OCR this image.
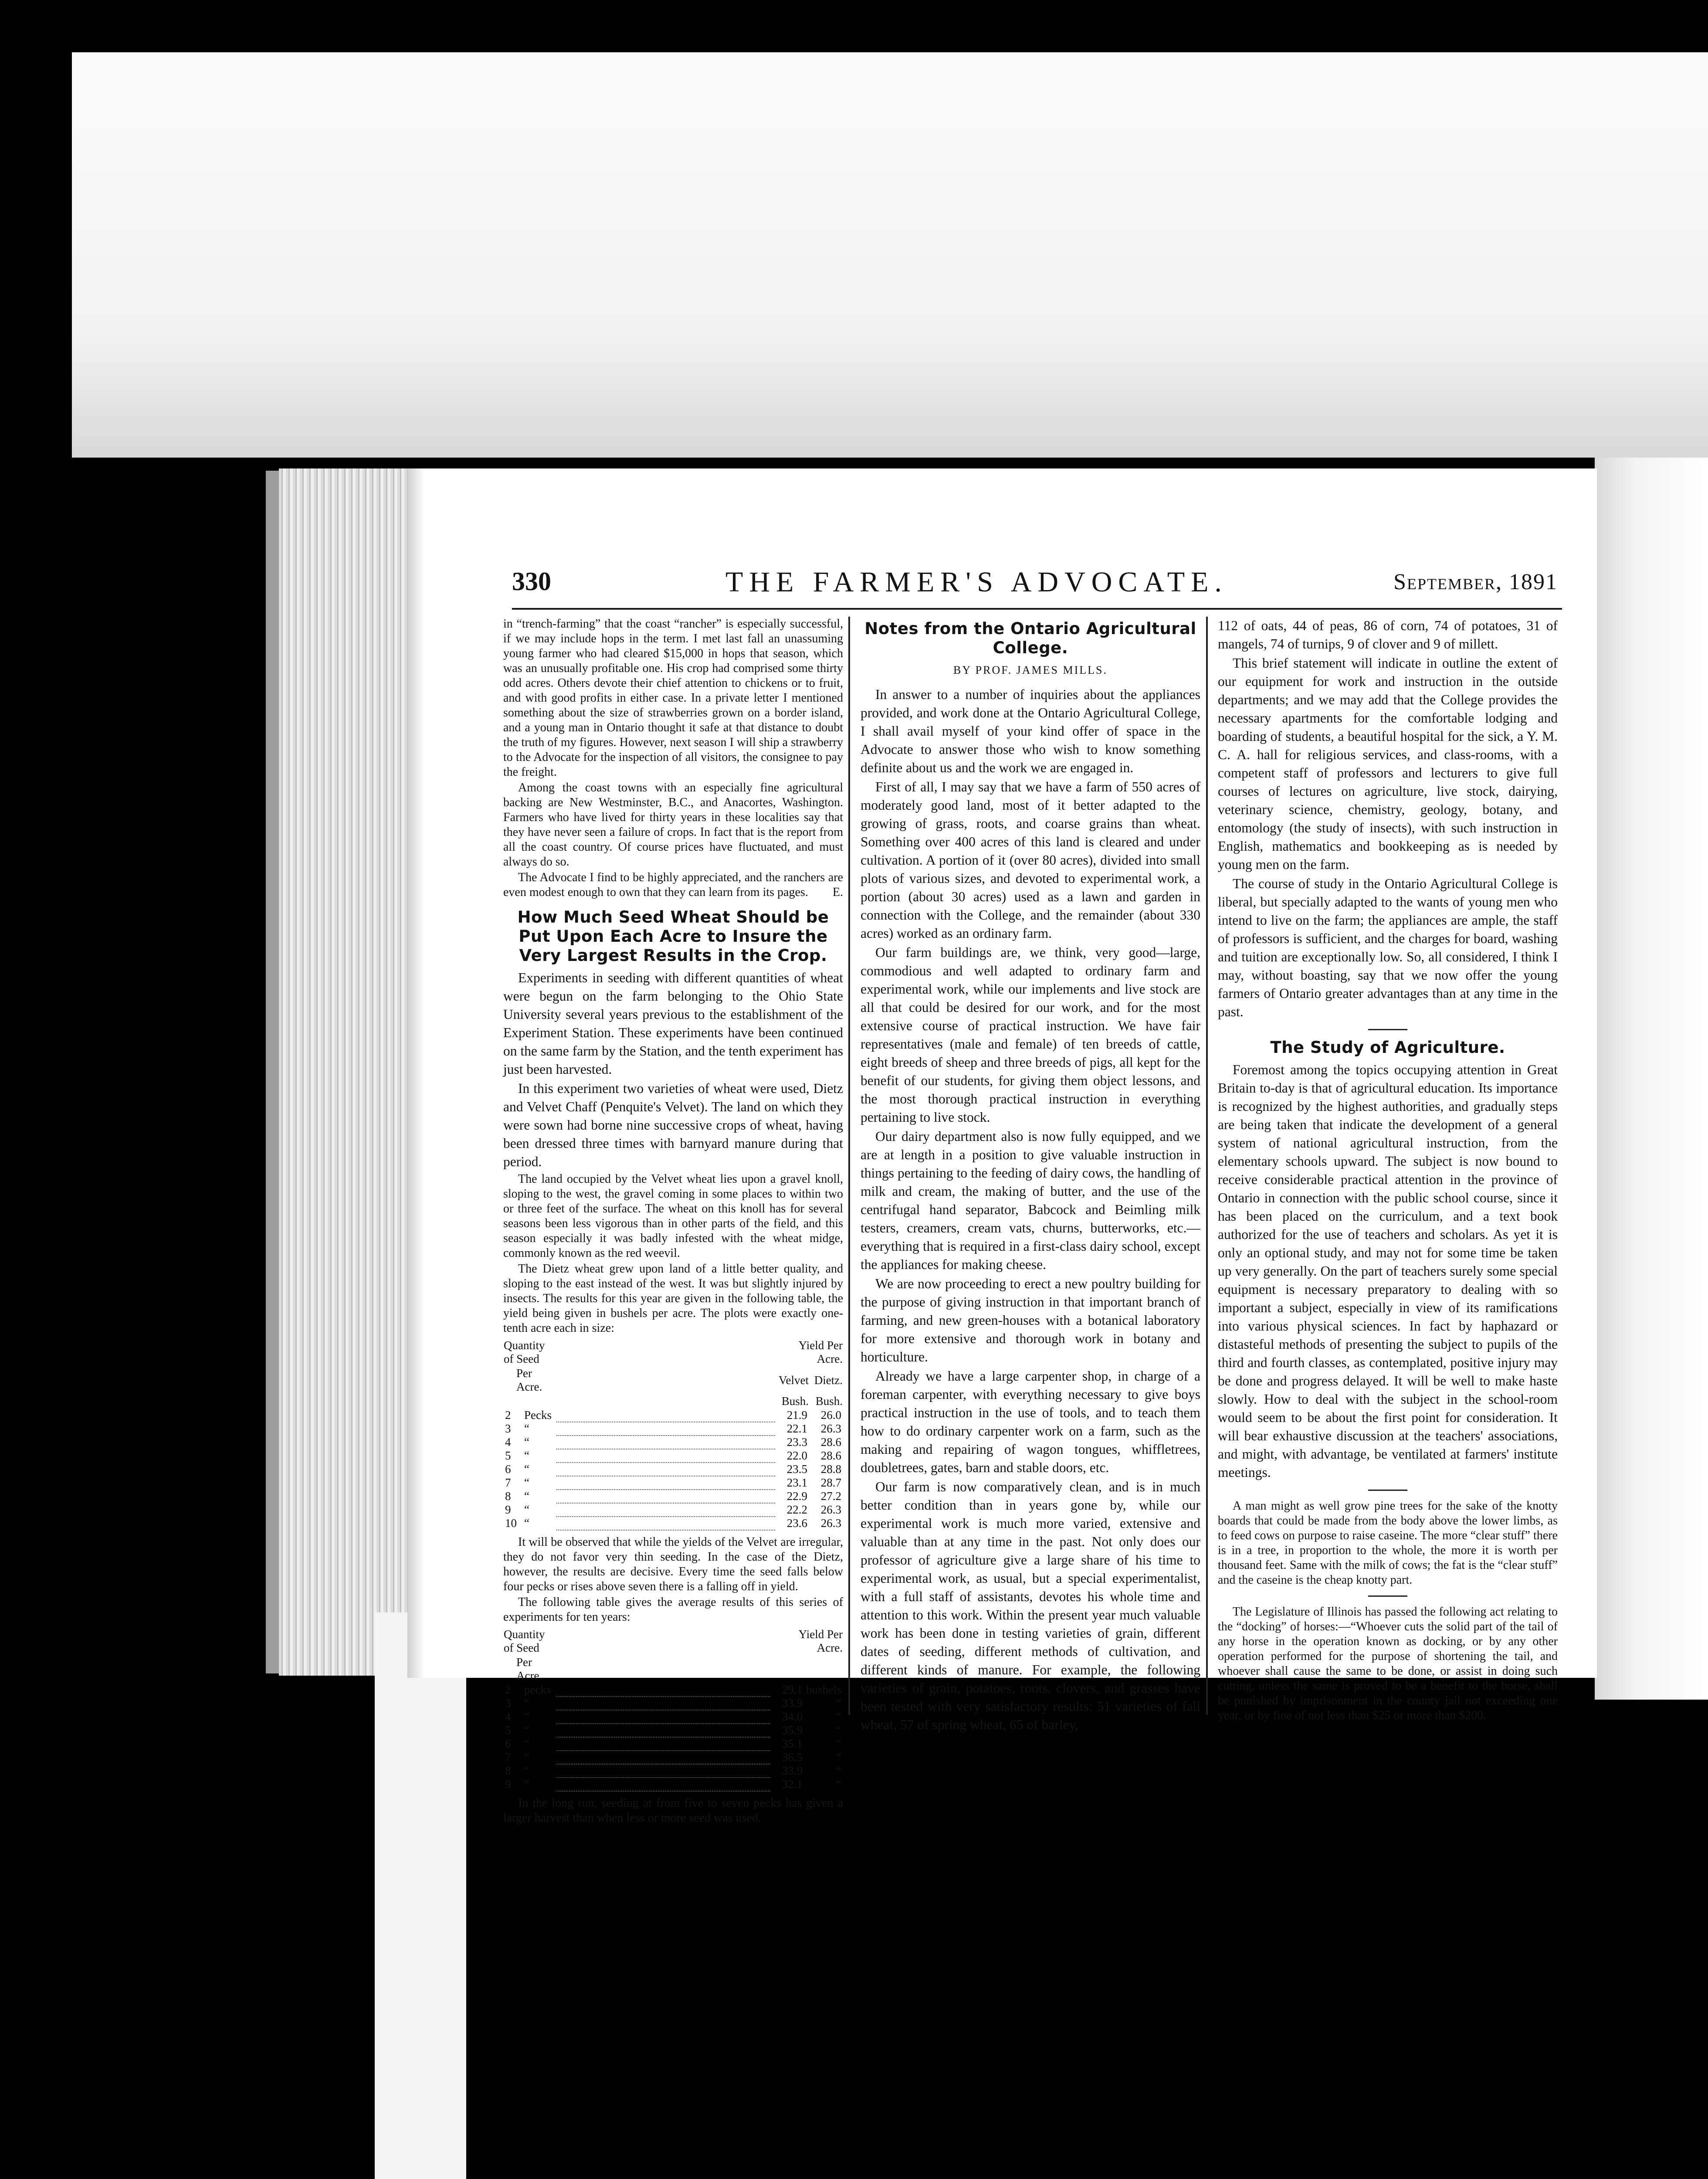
330	THE FARMER'S ADVOCATE.	September, 1891

in “trench-farming” that the coast “rancher” is especially successful, if we may include hops in the term. I met last fall an unassuming young farmer who had cleared $15,000 in hops that season, which was an unusually profitable one. His crop had comprised some thirty odd acres. Others devote their chief attention to chickens or to fruit, and with good profits in either case. In a private letter I mentioned something about the size of strawberries grown on a border island, and a young man in Ontario thought it safe at that distance to doubt the truth of my figures. However, next season I will ship a strawberry to the Advocate for the inspection of all visitors, the consignee to pay the freight.

Among the coast towns with an especially fine agricultural backing are New Westminster, B.C., and Anacortes, Washington. Farmers who have lived for thirty years in these localities say that they have never seen a failure of crops. In fact that is the report from all the coast country. Of course prices have fluctuated, and must always do so.

The Advocate I find to be highly appreciated, and the ranchers are even modest enough to own that they can learn from its pages.	E.

How Much Seed Wheat Should be Put Upon Each Acre to Insure the Very Largest Results in the Crop.

Experiments in seeding with different quantities of wheat were begun on the farm belonging to the Ohio State University several years previous to the establishment of the Experiment Station. These experiments have been continued on the same farm by the Station, and the tenth experiment has just been harvested.

In this experiment two varieties of wheat were used, Dietz and Velvet Chaff (Penquite's Velvet). The land on which they were sown had borne nine successive crops of wheat, having been dressed three times with barnyard manure during that period.

The land occupied by the Velvet wheat lies upon a gravel knoll, sloping to the west, the gravel coming in some places to within two or three feet of the surface. The wheat on this knoll has for several seasons been less vigorous than in other parts of the field, and this season especially it was badly infested with the wheat midge, commonly known as the red weevil.

The Dietz wheat grew upon land of a little better quality, and sloping to the east instead of the west. It was but slightly injured by insects. The results for this year are given in the following table, the yield being given in bushels per acre. The plots were exactly one-tenth acre each in size:

Quantity of Seed			Yield Per Acre.	
Per Acre.			Velvet	Dietz.
			Bush.	Bush.
2	Pecks		21.9	26.0
3	“		22.1	26.3
4	“		23.3	28.6
5	“		22.0	28.6
6	“		23.5	28.8
7	“		23.1	28.7
8	“		22.9	27.2
9	“		22.2	26.3
10	“		23.6	26.3

It will be observed that while the yields of the Velvet are irregular, they do not favor very thin seeding. In the case of the Dietz, however, the results are decisive. Every time the seed falls below four pecks or rises above seven there is a falling off in yield.

The following table gives the average results of this series of experiments for ten years:

Quantity of Seed			Yield Per Acre.	
Per Acre.				
2	pecks		29.1	bushels
3	“		33.9	“
4	“		34.0	“
5	“		35.9	“
6	“		35.1	“
7	“		36.5	“
8	“		33.9	“
9	“		32.1	“

In the long run, seeding at from five to seven pecks has given a larger harvest than when less or more seed was used.

Notes from the Ontario Agricultural College.
BY PROF. JAMES MILLS.

In answer to a number of inquiries about the appliances provided, and work done at the Ontario Agricultural College, I shall avail myself of your kind offer of space in the Advocate to answer those who wish to know something definite about us and the work we are engaged in.

First of all, I may say that we have a farm of 550 acres of moderately good land, most of it better adapted to the growing of grass, roots, and coarse grains than wheat. Something over 400 acres of this land is cleared and under cultivation. A portion of it (over 80 acres), divided into small plots of various sizes, and devoted to experimental work, a portion (about 30 acres) used as a lawn and garden in connection with the College, and the remainder (about 330 acres) worked as an ordinary farm.

Our farm buildings are, we think, very good—large, commodious and well adapted to ordinary farm and experimental work, while our implements and live stock are all that could be desired for our work, and for the most extensive course of practical instruction. We have fair representatives (male and female) of ten breeds of cattle, eight breeds of sheep and three breeds of pigs, all kept for the benefit of our students, for giving them object lessons, and the most thorough practical instruction in everything pertaining to live stock.

Our dairy department also is now fully equipped, and we are at length in a position to give valuable instruction in things pertaining to the feeding of dairy cows, the handling of milk and cream, the making of butter, and the use of the centrifugal hand separator, Babcock and Beimling milk testers, creamers, cream vats, churns, butterworks, etc.—everything that is required in a first-class dairy school, except the appliances for making cheese.

We are now proceeding to erect a new poultry building for the purpose of giving instruction in that important branch of farming, and new green-houses with a botanical laboratory for more extensive and thorough work in botany and horticulture.

Already we have a large carpenter shop, in charge of a foreman carpenter, with everything necessary to give boys practical instruction in the use of tools, and to teach them how to do ordinary carpenter work on a farm, such as the making and repairing of wagon tongues, whiffletrees, doubletrees, gates, barn and stable doors, etc.

Our farm is now comparatively clean, and is in much better condition than in years gone by, while our experimental work is much more varied, extensive and valuable than at any time in the past. Not only does our professor of agriculture give a large share of his time to experimental work, as usual, but a special experimentalist, with a full staff of assistants, devotes his whole time and attention to this work. Within the present year much valuable work has been done in testing varieties of grain, different dates of seeding, different methods of cultivation, and different kinds of manure. For example, the following varieties of grain, potatoes, roots, clovers, and grasses have been tested with very satisfactory results: 51 varieties of fall wheat, 57 of spring wheat, 65 of barley,

112 of oats, 44 of peas, 86 of corn, 74 of potatoes, 31 of mangels, 74 of turnips, 9 of clover and 9 of millett.

This brief statement will indicate in outline the extent of our equipment for work and instruction in the outside departments; and we may add that the College provides the necessary apartments for the comfortable lodging and boarding of students, a beautiful hospital for the sick, a Y. M. C. A. hall for religious services, and class-rooms, with a competent staff of professors and lecturers to give full courses of lectures on agriculture, live stock, dairying, veterinary science, chemistry, geology, botany, and entomology (the study of insects), with such instruction in English, mathematics and bookkeeping as is needed by young men on the farm.

The course of study in the Ontario Agricultural College is liberal, but specially adapted to the wants of young men who intend to live on the farm; the appliances are ample, the staff of professors is sufficient, and the charges for board, washing and tuition are exceptionally low. So, all considered, I think I may, without boasting, say that we now offer the young farmers of Ontario greater advantages than at any time in the past.

The Study of Agriculture.

Foremost among the topics occupying attention in Great Britain to-day is that of agricultural education. Its importance is recognized by the highest authorities, and gradually steps are being taken that indicate the development of a general system of national agricultural instruction, from the elementary schools upward. The subject is now bound to receive considerable practical attention in the province of Ontario in connection with the public school course, since it has been placed on the curriculum, and a text book authorized for the use of teachers and scholars. As yet it is only an optional study, and may not for some time be taken up very generally. On the part of teachers surely some special equipment is necessary preparatory to dealing with so important a subject, especially in view of its ramifications into various physical sciences. In fact by haphazard or distasteful methods of presenting the subject to pupils of the third and fourth classes, as contemplated, positive injury may be done and progress delayed. It will be well to make haste slowly. How to deal with the subject in the school-room would seem to be about the first point for consideration. It will bear exhaustive discussion at the teachers' associations, and might, with advantage, be ventilated at farmers' institute meetings.

A man might as well grow pine trees for the sake of the knotty boards that could be made from the body above the lower limbs, as to feed cows on purpose to raise caseine. The more “clear stuff” there is in a tree, in proportion to the whole, the more it is worth per thousand feet. Same with the milk of cows; the fat is the “clear stuff” and the caseine is the cheap knotty part.

The Legislature of Illinois has passed the following act relating to the “docking” of horses:—“Whoever cuts the solid part of the tail of any horse in the operation known as docking, or by any other operation performed for the purpose of shortening the tail, and whoever shall cause the same to be done, or assist in doing such cutting, unless the same is proved to be a benefit to the horse, shall be punished by imprisonment in the county jail not exceeding one year, or by fine of not less than $25 or more than $200.
